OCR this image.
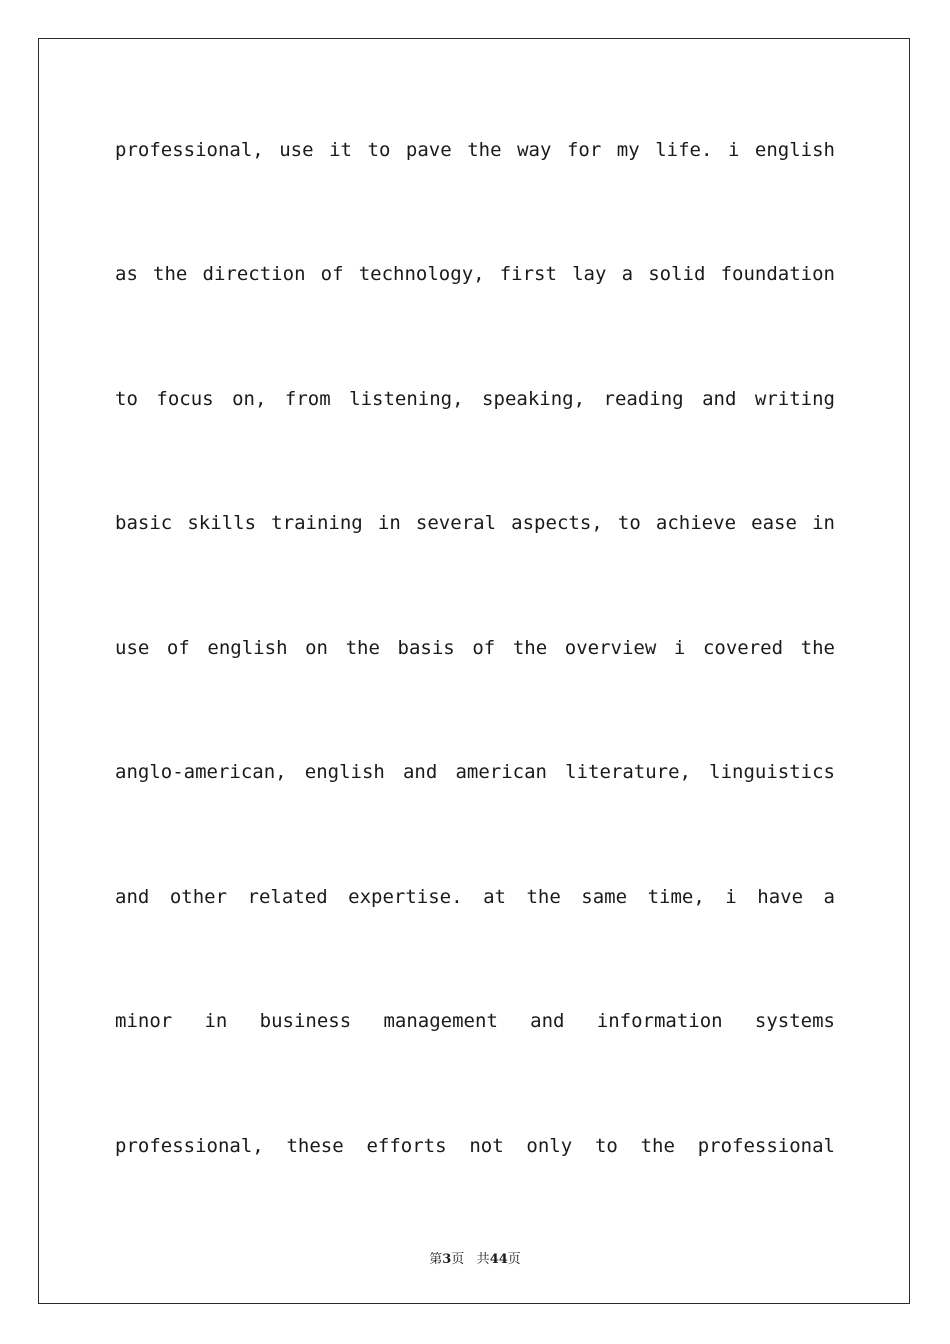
professional, use it to pave the way for my life. i english

as the direction of technology, first lay a solid foundation

to focus on, from listening, speaking, reading and writing

basic skills training in several aspects, to achieve ease in

use of english on the basis of the overview i covered the

anglo-american, english and american literature, linguistics

and other related expertise. at the same time, i have a

minor in business management and information systems

professional, these efforts not only to the professional

第3页 共44页
